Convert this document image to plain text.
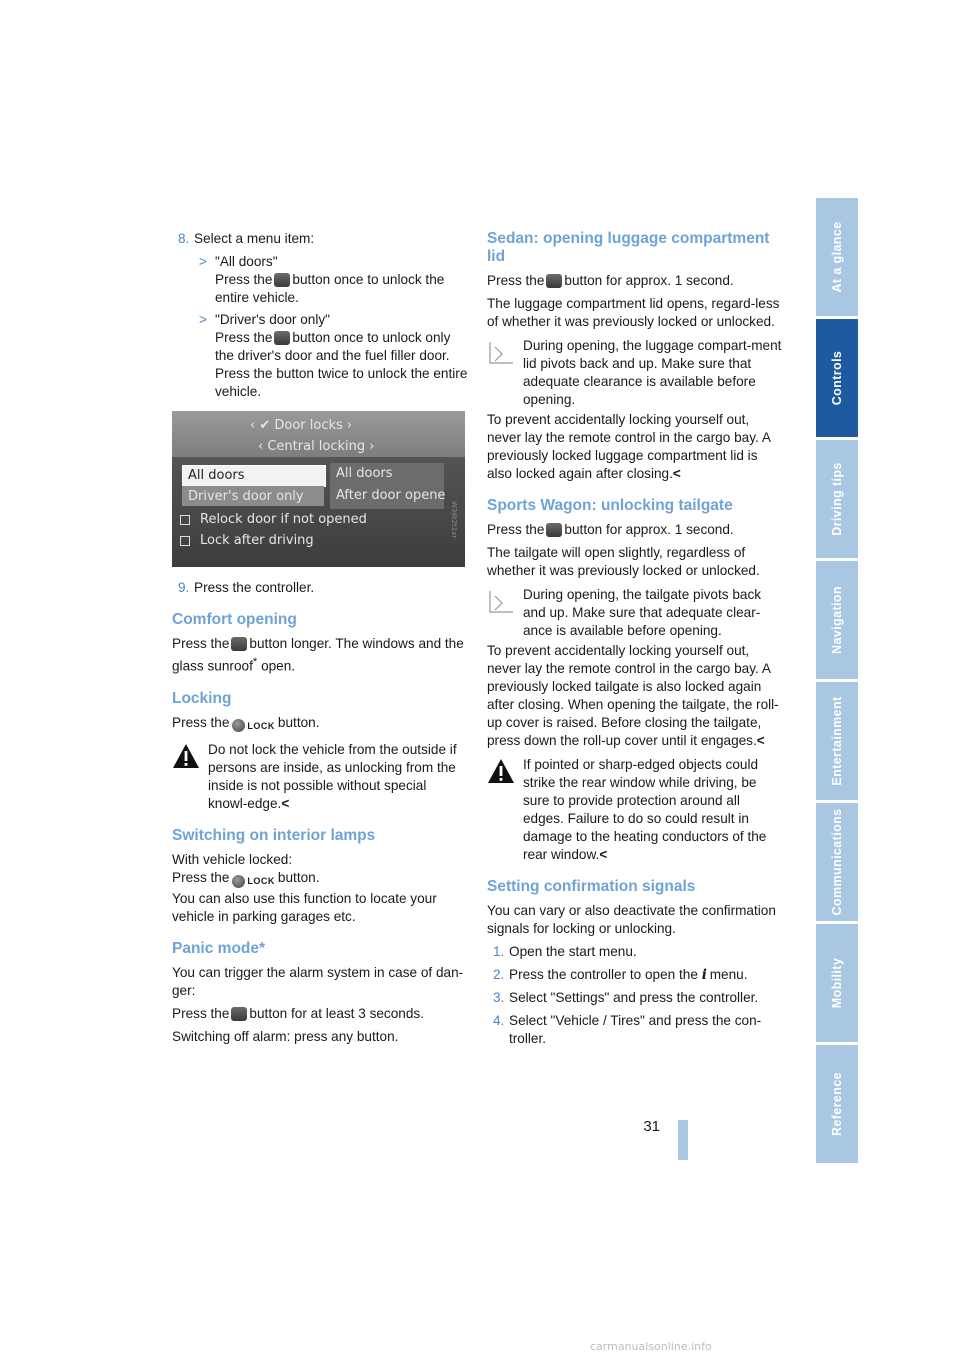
8. Select a menu item:
> "All doors"
Press the button once to unlock the entire vehicle.
> "Driver's door only"
Press the button once to unlock only the driver's door and the fuel filler door. Press the button twice to unlock the entire vehicle.
‹ ✔ Door locks ›
‹ Central locking ›
All doors
Driver's door only
All doors
After door opene
Relock door if not opened
Lock after driving
W36t2t1xr
9. Press the controller.
Comfort opening

Press the button longer. The windows and the glass sunroof* open.

Locking

Press the LOCK button.

Do not lock the vehicle from the outside if persons are inside, as unlocking from the inside is not possible without special knowl-edge.<
Switching on interior lamps

With vehicle locked:
Press the LOCK button.
You can also use this function to locate your vehicle in parking garages etc.

Panic mode*

You can trigger the alarm system in case of dan-ger:

Press the button for at least 3 seconds.

Switching off alarm: press any button.

Sedan: opening luggage compartment lid

Press the button for approx. 1 second.

The luggage compartment lid opens, regard-less of whether it was previously locked or unlocked.

During opening, the luggage compart-ment lid pivots back and up. Make sure that adequate clearance is available before opening.

To prevent accidentally locking yourself out, never lay the remote control in the cargo bay. A previously locked luggage compartment lid is also locked again after closing.<

Sports Wagon: unlocking tailgate

Press the button for approx. 1 second.

The tailgate will open slightly, regardless of whether it was previously locked or unlocked.

During opening, the tailgate pivots back and up. Make sure that adequate clear-ance is available before opening.

To prevent accidentally locking yourself out, never lay the remote control in the cargo bay. A previously locked tailgate is also locked again after closing. When opening the tailgate, the roll-up cover is raised. Before closing the tailgate, press down the roll-up cover until it engages.<

If pointed or sharp-edged objects could strike the rear window while driving, be sure to provide protection around all edges. Failure to do so could result in damage to the heating conductors of the rear window.<
Setting confirmation signals

You can vary or also deactivate the confirmation signals for locking or unlocking.

1. Open the start menu.
2. Press the controller to open the i menu.
3. Select "Settings" and press the controller.
4. Select "Vehicle / Tires" and press the con-troller.
At a glance
Controls
Driving tips
Navigation
Entertainment
Communications
Mobility
Reference
31
carmanualsonline.info
